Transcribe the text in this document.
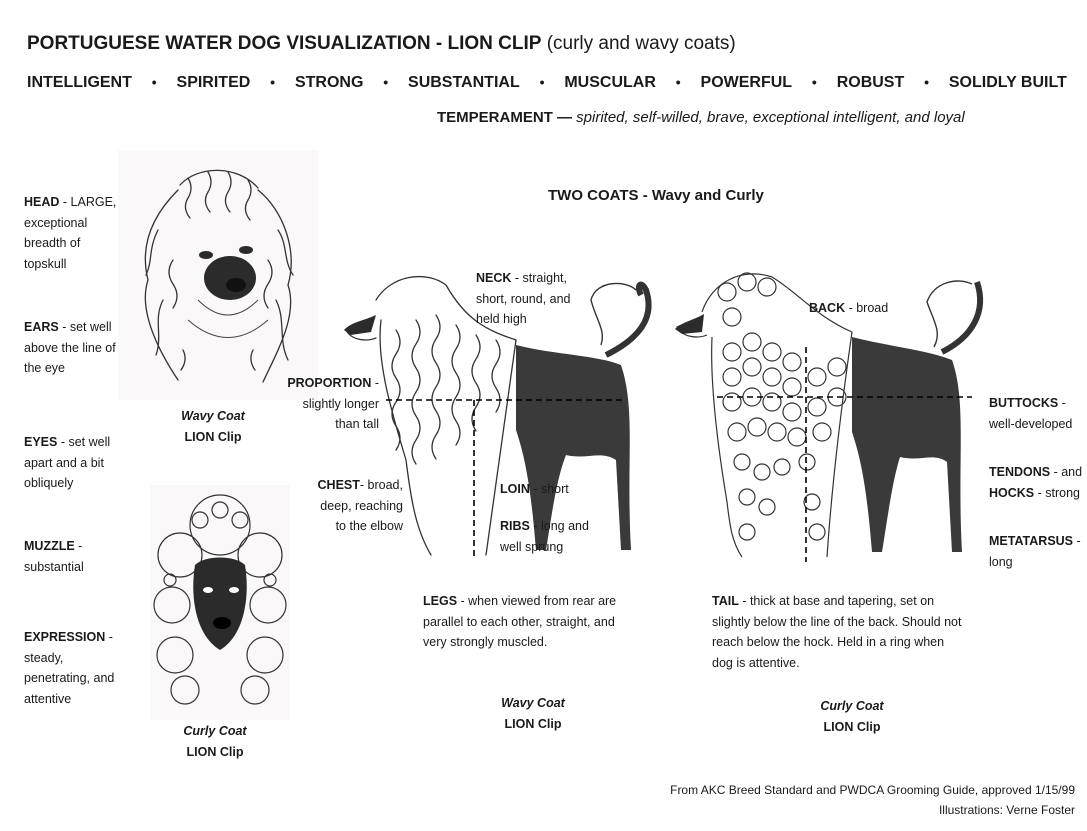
PORTUGUESE WATER DOG VISUALIZATION - LION CLIP (curly and wavy coats)
INTELLIGENT • SPIRITED • STRONG • SUBSTANTIAL • MUSCULAR • POWERFUL • ROBUST • SOLIDLY BUILT
TEMPERAMENT — spirited, self-willed, brave, exceptional intelligent, and loyal
TWO COATS - Wavy and Curly
HEAD - LARGE, exceptional breadth of topskull
EARS - set well above the line of the eye
EYES - set well apart and a bit obliquely
MUZZLE - substantial
EXPRESSION - steady, penetrating, and attentive
Wavy Coat
LION Clip
Curly Coat
LION Clip
NECK - straight, short, round, and held high
PROPORTION - slightly longer than tall
CHEST- broad, deep, reaching to the elbow
LOIN - short
RIBS - long and well sprung
BACK - broad
BUTTOCKS - well-developed
TENDONS - and
HOCKS - strong
METATARSUS - long
LEGS - when viewed from rear are parallel to each other, straight, and very strongly muscled.
TAIL - thick at base and tapering, set on slightly below the line of the back. Should not reach below the hock. Held in a ring when dog is attentive.
Wavy Coat
LION Clip
Curly Coat
LION Clip
From AKC Breed Standard and PWDCA Grooming Guide, approved 1/15/99
Illustrations: Verne Foster
